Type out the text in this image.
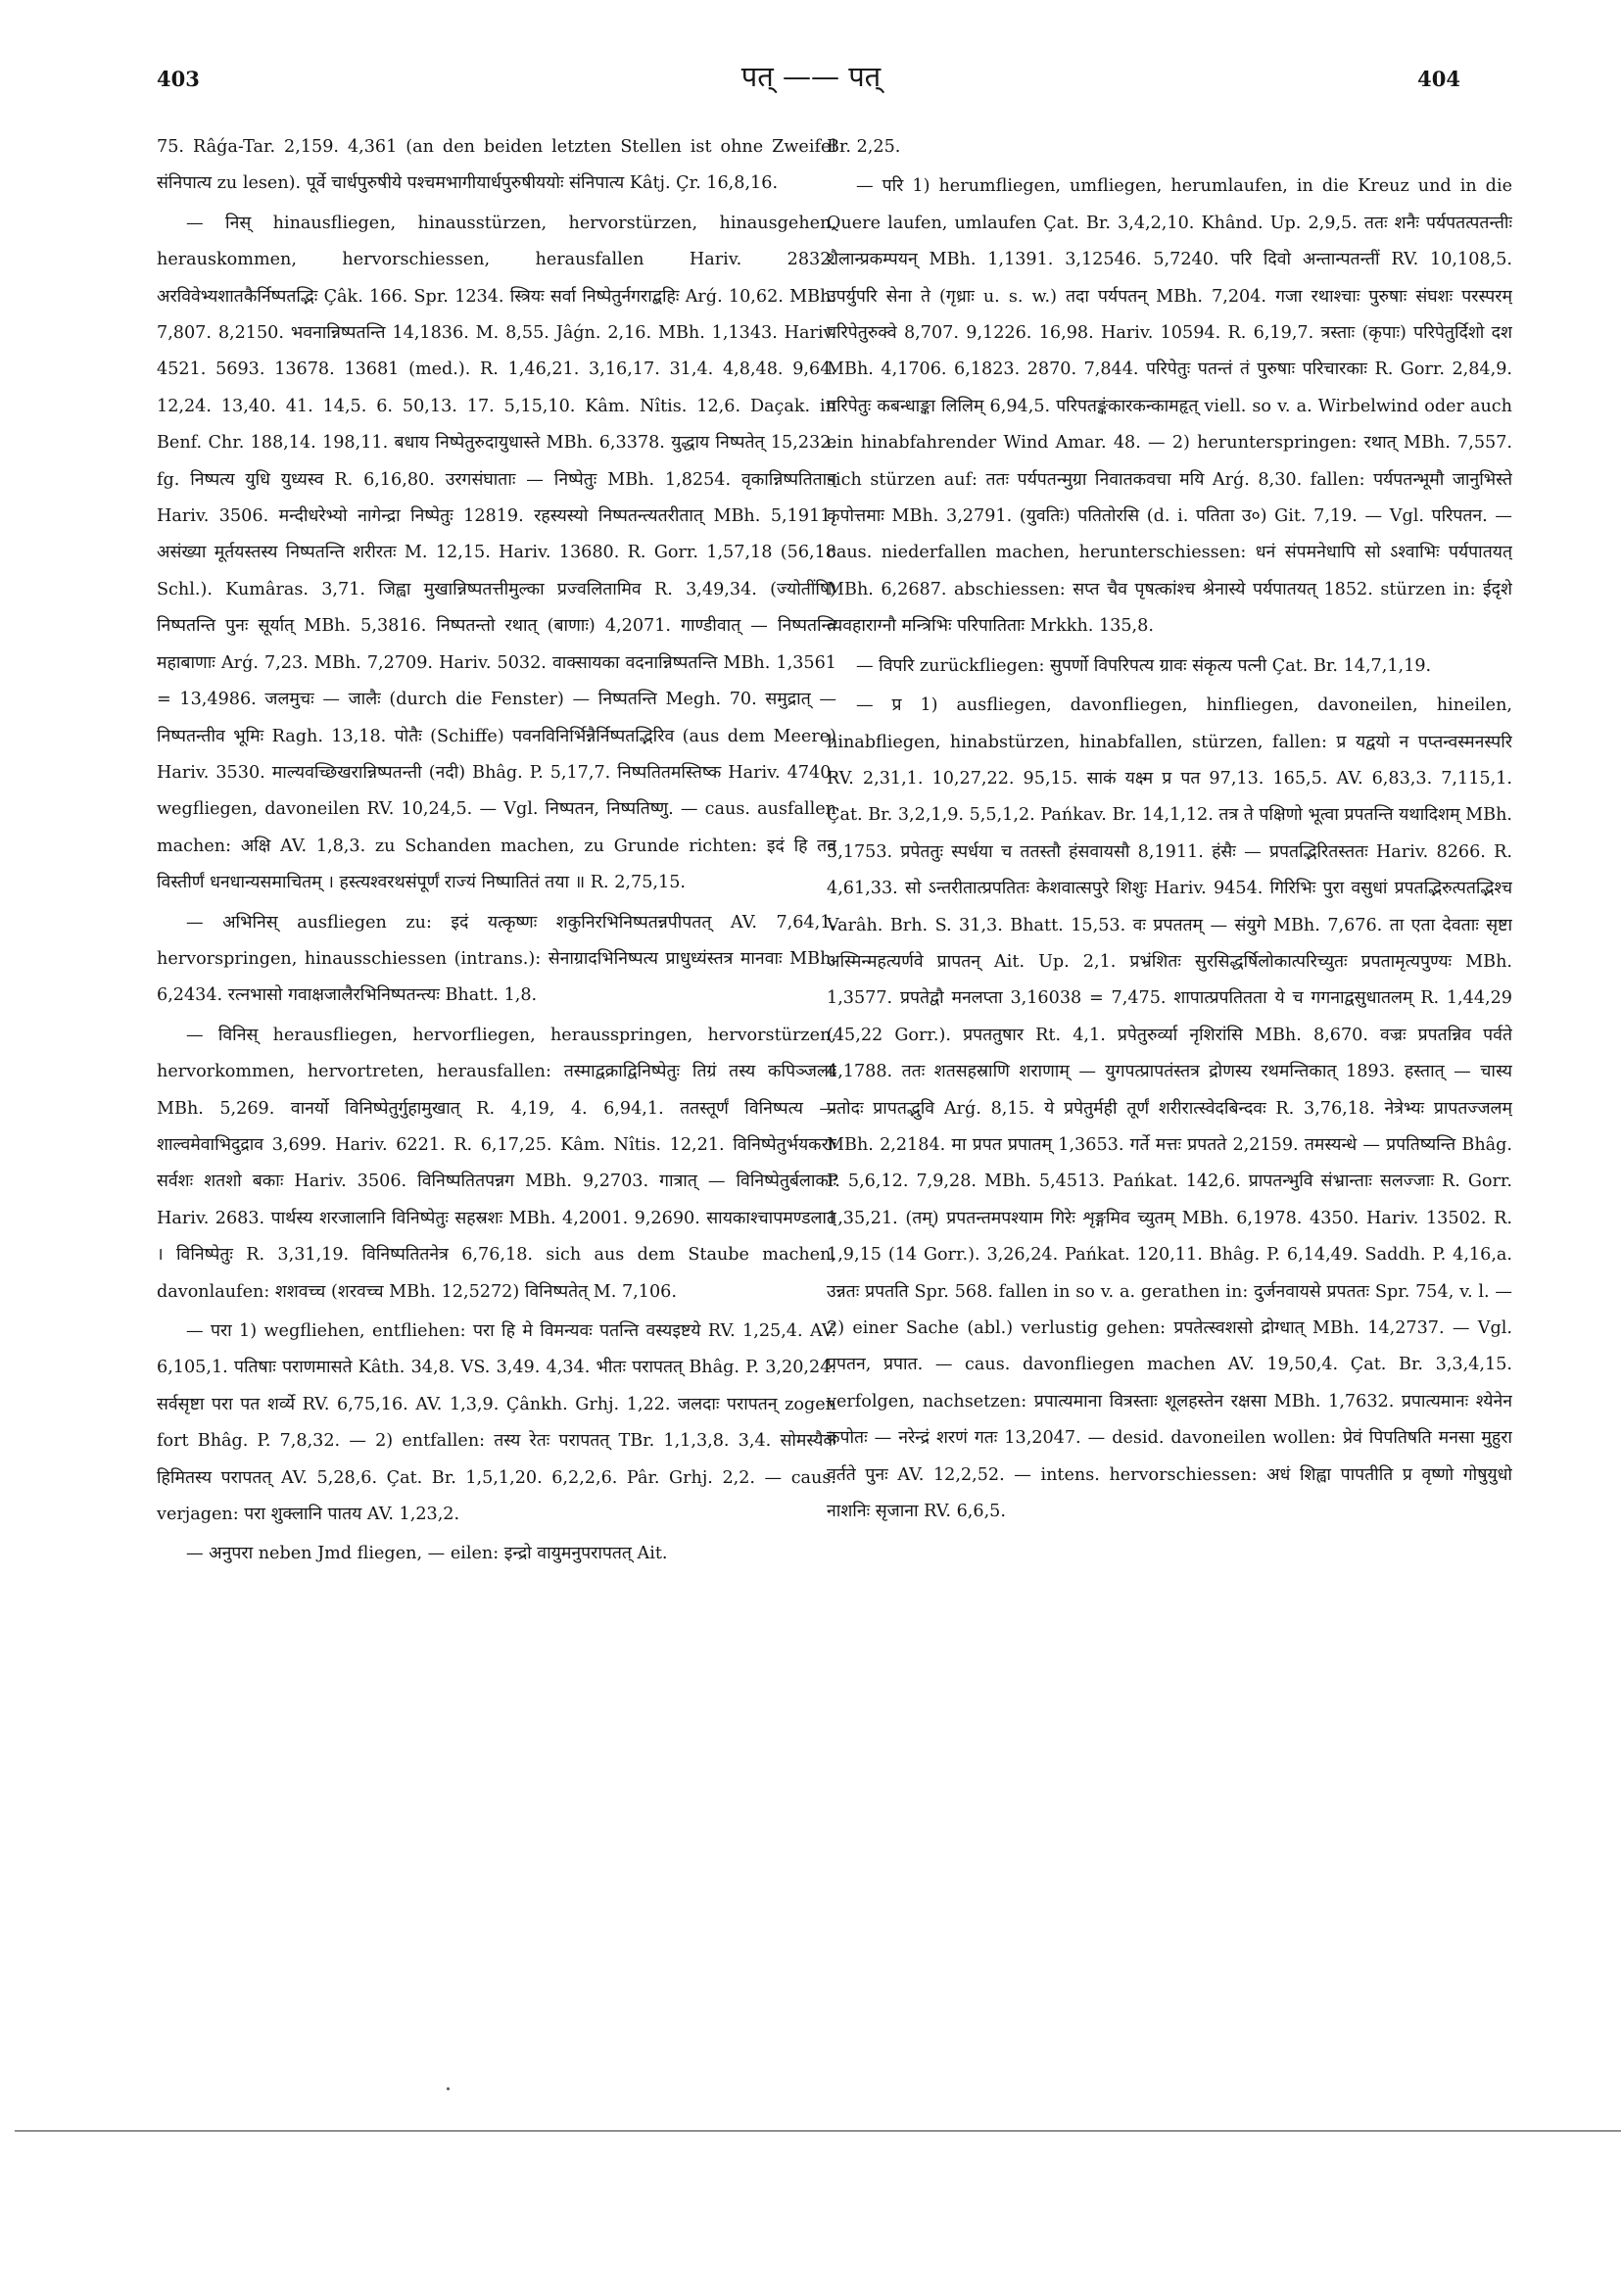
403	पत् —— पत्	404

75. Râǵa-Tar. 2,159. 4,361 (an den beiden letzten Stellen ist ohne Zweifel संनिपात्य zu lesen). पूर्वे चार्धपुरुषीये पश्चमभागीयार्धपुरुषीययोः संनिपात्य Kâtj. Çr. 16,8,16.

— निस् hinausfliegen, hinausstürzen, hervorstürzen, hinausgehen, herauskommen, hervorschiessen, herausfallen Hariv. 2832. अरविवेभ्यशातकैर्निष्पतद्भिः Çâk. 166. Spr. 1234. स्त्रियः सर्वा निष्पेतुर्नगराद्बहिः Arǵ. 10,62. MBh. 7,807. 8,2150. भवनान्निष्पतन्ति 14,1836. M. 8,55. Jâǵn. 2,16. MBh. 1,1343. Hariv. 4521. 5693. 13678. 13681 (med.). R. 1,46,21. 3,16,17. 31,4. 4,8,48. 9,64. 12,24. 13,40. 41. 14,5. 6. 50,13. 17. 5,15,10. Kâm. Nîtis. 12,6. Daçak. in Benf. Chr. 188,14. 198,11. बधाय निष्पेतुरुदायुधास्ते MBh. 6,3378. युद्धाय निष्पतेत् 15,232. fg. निष्पत्य युधि युध्यस्व R. 6,16,80. उरगसंघाताः — निष्पेतुः MBh. 1,8254. वृकान्निष्पतितान् Hariv. 3506. मन्दीधरेभ्यो नागेन्द्रा निष्पेतुः 12819. रहस्यस्यो निष्पतन्त्यतरीतात् MBh. 5,1911. असंख्या मूर्तयस्तस्य निष्पतन्ति शरीरतः M. 12,15. Hariv. 13680. R. Gorr. 1,57,18 (56,18 Schl.). Kumâras. 3,71. जिह्वा मुखान्निष्पतत्तीमुल्का प्रज्वलितामिव R. 3,49,34. (ज्योतींषि) निष्पतन्ति पुनः सूर्यात् MBh. 5,3816. निष्पतन्तो रथात् (बाणाः) 4,2071. गाण्डीवात् — निष्पतन्ति महाबाणाः Arǵ. 7,23. MBh. 7,2709. Hariv. 5032. वाक्सायका वदनान्निष्पतन्ति MBh. 1,3561 = 13,4986. जलमुचः — जालैः (durch die Fenster) — निष्पतन्ति Megh. 70. समुद्रात् — निष्पतन्तीव भूमिः Ragh. 13,18. पोतैः (Schiffe) पवनविनिर्भिन्नैर्निष्पतद्भिरिव (aus dem Meere) Hariv. 3530. माल्यवच्छिखरान्निष्पतन्ती (नदी) Bhâg. P. 5,17,7. निष्पतितमस्तिष्क Hariv. 4740. wegfliegen, davoneilen RV. 10,24,5. — Vgl. निष्पतन, निष्पतिष्णु. — caus. ausfallen machen: अक्षि AV. 1,8,3. zu Schanden machen, zu Grunde richten: इदं हि तव विस्तीर्णं धनधान्यसमाचितम् । हस्त्यश्वरथसंपूर्णं राज्यं निष्पातितं तया ॥ R. 2,75,15.

— अभिनिस् ausfliegen zu: इदं यत्कृष्णः शकुनिरभिनिष्पतन्नपीपतत् AV. 7,64,1. hervorspringen, hinausschiessen (intrans.): सेनाग्रादभिनिष्पत्य प्राधुध्यंस्तत्र मानवाः MBh. 6,2434. रत्नभासो गवाक्षजालैरभिनिष्पतन्त्यः Bhatt. 1,8.

— विनिस् herausfliegen, hervorfliegen, herausspringen, hervorstürzen, hervorkommen, hervortreten, herausfallen: तस्माद्वक्राद्विनिष्पेतुः तिग्रं तस्य कपिञ्जलाः MBh. 5,269. वानर्यो विनिष्पेतुर्गुहामुखात् R. 4,19, 4. 6,94,1. ततस्तूर्णं विनिष्पत्य — शाल्वमेवाभिदुद्राव 3,699. Hariv. 6221. R. 6,17,25. Kâm. Nîtis. 12,21. विनिष्पेतुर्भयकराः सर्वशः शतशो बकाः Hariv. 3506. विनिष्पतितपन्नग MBh. 9,2703. गात्रात् — विनिष्पेतुर्बलाकाः Hariv. 2683. पार्थस्य शरजालानि विनिष्पेतुः सहस्रशः MBh. 4,2001. 9,2690. सायकाश्चापमण्डलात् । विनिष्पेतुः R. 3,31,19. विनिष्पतितनेत्र 6,76,18. sich aus dem Staube machen, davonlaufen: शशवच्च (शरवच्च MBh. 12,5272) विनिष्पतेत् M. 7,106.

— परा 1) wegfliehen, entfliehen: परा हि मे विमन्यवः पतन्ति वस्यइष्टये RV. 1,25,4. AV. 6,105,1. पतिषाः पराणमासते Kâth. 34,8. VS. 3,49. 4,34. भीतः परापतत् Bhâg. P. 3,20,24. सर्वसृष्टा परा पत शर्व्ये RV. 6,75,16. AV. 1,3,9. Çânkh. Grhj. 1,22. जलदाः परापतन् zogen fort Bhâg. P. 7,8,32. — 2) entfallen: तस्य रेतः परापतत् TBr. 1,1,3,8. 3,4. सोमस्यैकं हिमितस्य परापतत् AV. 5,28,6. Çat. Br. 1,5,1,20. 6,2,2,6. Pâr. Grhj. 2,2. — caus. verjagen: परा शुक्लानि पातय AV. 1,23,2.

— अनुपरा neben Jmd fliegen, — eilen: इन्द्रो वायुमनुपरापतत् Ait.

Br. 2,25.

— परि 1) herumfliegen, umfliegen, herumlaufen, in die Kreuz und in die Quere laufen, umlaufen Çat. Br. 3,4,2,10. Khând. Up. 2,9,5. ततः शनैः पर्यपतत्पतन्तीः शैलान्प्रकम्पयन् MBh. 1,1391. 3,12546. 5,7240. परि दिवो अन्तान्पतन्तीं RV. 10,108,5. उपर्युपरि सेना ते (गृध्राः u. s. w.) तदा पर्यपतन् MBh. 7,204. गजा रथाश्चाः पुरुषाः संघशः परस्परम् परिपेतुरुक्वे 8,707. 9,1226. 16,98. Hariv. 10594. R. 6,19,7. त्रस्ताः (कृपाः) परिपेतुर्दिशो दश MBh. 4,1706. 6,1823. 2870. 7,844. परिपेतुः पतन्तं तं पुरुषाः परिचारकाः R. Gorr. 2,84,9. परिपेतुः कबन्धाङ्का लिलिम् 6,94,5. परिपतङ्कंकारकन्कामहृत् viell. so v. a. Wirbelwind oder auch ein hinabfahrender Wind Amar. 48. — 2) herunterspringen: रथात् MBh. 7,557. sich stürzen auf: ततः पर्यपतन्मुग्रा निवातकवचा मयि Arǵ. 8,30. fallen: पर्यपतन्भूमौ जानुभिस्ते कृपोत्तमाः MBh. 3,2791. (युवतिः) पतितोरसि (d. i. पतिता उ०) Git. 7,19. — Vgl. परिपतन. — caus. niederfallen machen, herunterschiessen: धनं संपमनेधापि सो ऽश्वाभिः पर्यपातयत् MBh. 6,2687. abschiessen: सप्त चैव पृषत्कांश्च श्रेनास्ये पर्यपातयत् 1852. stürzen in: ईदृशे व्यवहाराग्नौ मन्त्रिभिः परिपातिताः Mrkkh. 135,8.

— विपरि zurückfliegen: सुपर्णो विपरिपत्य ग्रावः संकृत्य पत्नी Çat. Br. 14,7,1,19.

— प्र 1) ausfliegen, davonfliegen, hinfliegen, davoneilen, hineilen, hinabfliegen, hinabstürzen, hinabfallen, stürzen, fallen: प्र यद्वयो न पप्तन्वस्मनस्परि RV. 2,31,1. 10,27,22. 95,15. साकं यक्ष्म प्र पत 97,13. 165,5. AV. 6,83,3. 7,115,1. Çat. Br. 3,2,1,9. 5,5,1,2. Pańkav. Br. 14,1,12. तत्र ते पक्षिणो भूत्वा प्रपतन्ति यथादिशम् MBh. 5,1753. प्रपेततुः स्पर्धया च ततस्तौ हंसवायसौ 8,1911. हंसैः — प्रपतद्भिरितस्ततः Hariv. 8266. R. 4,61,33. सो ऽन्तरीतात्प्रपतितः केशवात्सपुरे शिशुः Hariv. 9454. गिरिभिः पुरा वसुधां प्रपतद्भिरुत्पतद्भिश्च Varâh. Brh. S. 31,3. Bhatt. 15,53. वः प्रपततम् — संयुगे MBh. 7,676. ता एता देवताः सृष्टा अस्मिन्महत्यर्णवे प्रापतन् Ait. Up. 2,1. प्रभ्रंशितः सुरसिद्धर्षिलोकात्परिच्युतः प्रपतामृत्यपुण्यः MBh. 1,3577. प्रपतेद्वौ मनलप्ता 3,16038 = 7,475. शापात्प्रपतितता ये च गगनाद्वसुधातलम् R. 1,44,29 (45,22 Gorr.). प्रपततुषार Rt. 4,1. प्रपेतुरुर्व्या नृशिरांसि MBh. 8,670. वज्रः प्रपतन्निव पर्वते 4,1788. ततः शतसहस्राणि शराणाम् — युगपत्प्रापतंस्तत्र द्रोणस्य रथमन्तिकात् 1893. हस्तात् — चास्य प्रतोदः प्रापतद्भुवि Arǵ. 8,15. ये प्रपेतुर्मही तूर्णं शरीरात्स्वेदबिन्दवः R. 3,76,18. नेत्रेभ्यः प्रापतज्जलम् MBh. 2,2184. मा प्रपत प्रपातम् 1,3653. गर्ते मत्तः प्रपतते 2,2159. तमस्यन्धे — प्रपतिष्यन्ति Bhâg. P. 5,6,12. 7,9,28. MBh. 5,4513. Pańkat. 142,6. प्रापतन्भुवि संभ्रान्ताः सलज्जाः R. Gorr. 1,35,21. (तम्) प्रपतन्तमपश्याम गिरेः शृङ्गमिव च्युतम् MBh. 6,1978. 4350. Hariv. 13502. R. 1,9,15 (14 Gorr.). 3,26,24. Pańkat. 120,11. Bhâg. P. 6,14,49. Saddh. P. 4,16,a. उन्नतः प्रपतति Spr. 568. fallen in so v. a. gerathen in: दुर्जनवायसे प्रपततः Spr. 754, v. l. — 2) einer Sache (abl.) verlustig gehen: प्रपतेत्स्वशसो द्रोग्धात् MBh. 14,2737. — Vgl. प्रपतन, प्रपात. — caus. davonfliegen machen AV. 19,50,4. Çat. Br. 3,3,4,15. verfolgen, nachsetzen: प्रपात्यमाना वित्रस्ताः शूलहस्तेन रक्षसा MBh. 1,7632. प्रपात्यमानः श्येनेन कपोतः — नरेन्द्रं शरणं गतः 13,2047. — desid. davoneilen wollen: प्रेवं पिपतिषति मनसा मुहुरा वर्तते पुनः AV. 12,2,52. — intens. hervorschiessen: अधं शिह्वा पापतीति प्र वृष्णो गोषुयुधो नाशनिः सृजाना RV. 6,6,5.
